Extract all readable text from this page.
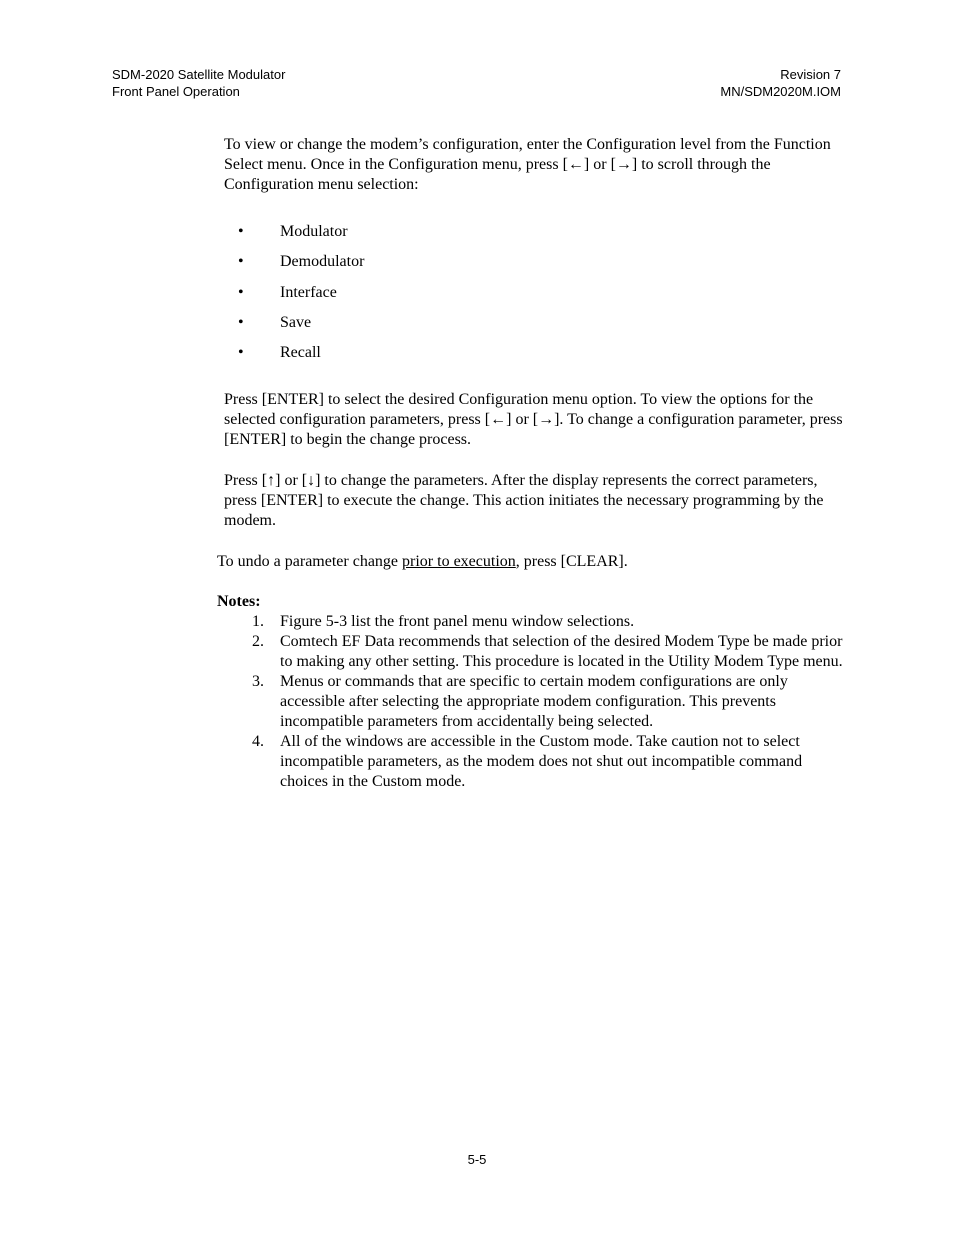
SDM-2020 Satellite Modulator
Front Panel Operation
Revision 7
MN/SDM2020M.IOM

To view or change the modem’s configuration, enter the Configuration level from the Function Select menu. Once in the Configuration menu, press [←] or [→] to scroll through the Configuration menu selection:

• Modulator
• Demodulator
• Interface
• Save
• Recall

Press [ENTER] to select the desired Configuration menu option. To view the options for the selected configuration parameters, press [←] or [→]. To change a configuration parameter, press [ENTER] to begin the change process.

Press [↑] or [↓] to change the parameters. After the display represents the correct parameters, press [ENTER] to execute the change. This action initiates the necessary programming by the modem.

To undo a parameter change prior to execution, press [CLEAR].

Notes:

1. Figure 5-3 list the front panel menu window selections.
2. Comtech EF Data recommends that selection of the desired Modem Type be made prior to making any other setting. This procedure is located in the Utility Modem Type menu.
3. Menus or commands that are specific to certain modem configurations are only accessible after selecting the appropriate modem configuration. This prevents incompatible parameters from accidentally being selected.
4. All of the windows are accessible in the Custom mode. Take caution not to select incompatible parameters, as the modem does not shut out incompatible command choices in the Custom mode.
5-5
